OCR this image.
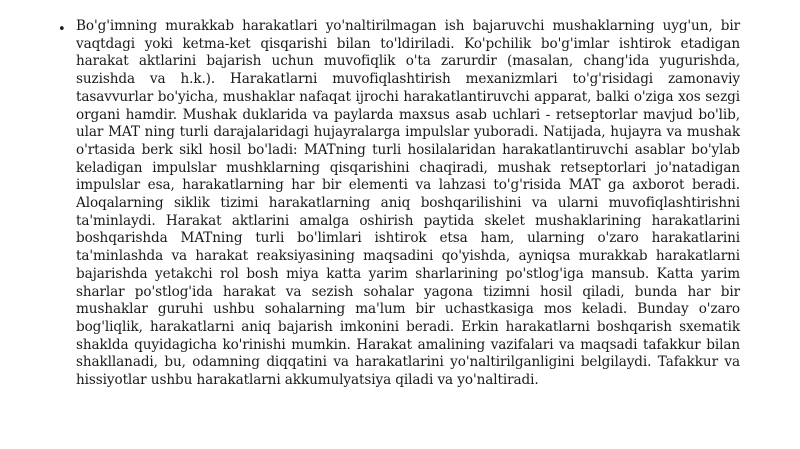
• Bo'g'imning murakkab harakatlari yo'naltirilmagan ish bajaruvchi mushaklarning uyg'un, bir vaqtdagi yoki ketma-ket qisqarishi bilan to'ldiriladi. Ko'pchilik bo'g'imlar ishtirok etadigan harakat aktlarini bajarish uchun muvofiqlik o'ta zarurdir (masalan, chang'ida yugurishda, suzishda va h.k.). Harakatlarni muvofiqlashtirish mexanizmlari to'g'risidagi zamonaviy tasavvurlar bo'yicha, mushaklar nafaqat ijrochi harakatlantiruvchi apparat, balki o'ziga xos sezgi organi hamdir. Mushak duklarida va paylarda maxsus asab uchlari - retseptorlar mavjud bo'lib, ular MAT ning turli darajalaridagi hujayralarga impulslar yuboradi. Natijada, hujayra va mushak o'rtasida berk sikl hosil bo'ladi: MATning turli hosilalaridan harakatlantiruvchi asablar bo'ylab keladigan impulslar mushklarning qisqarishini chaqiradi, mushak retseptorlari jo'natadigan impulslar esa, harakatlarning har bir elementi va lahzasi to'g'risida MAT ga axborot beradi. Aloqalarning siklik tizimi harakatlarning aniq boshqarilishini va ularni muvofiqlashtirishni ta'minlaydi. Harakat aktlarini amalga oshirish paytida skelet mushaklarining harakatlarini boshqarishda MATning turli bo'limlari ishtirok etsa ham, ularning o'zaro harakatlarini ta'minlashda va harakat reaksiyasining maqsadini qo'yishda, ayniqsa murakkab harakatlarni bajarishda yetakchi rol bosh miya katta yarim sharlarining po'stlog'iga mansub. Katta yarim sharlar po'stlog'ida harakat va sezish sohalar yagona tizimni hosil qiladi, bunda har bir mushaklar guruhi ushbu sohalarning ma'lum bir uchastkasiga mos keladi. Bunday o'zaro bog'liqlik, harakatlarni aniq bajarish imkonini beradi. Erkin harakatlarni boshqarish sxematik shaklda quyidagicha ko'rinishi mumkin. Harakat amalining vazifalari va maqsadi tafakkur bilan shakllanadi, bu, odamning diqqatini va harakatlarini yo'naltirilganligini belgilaydi. Tafakkur va hissiyotlar ushbu harakatlarni akkumulyatsiya qiladi va yo'naltiradi.
